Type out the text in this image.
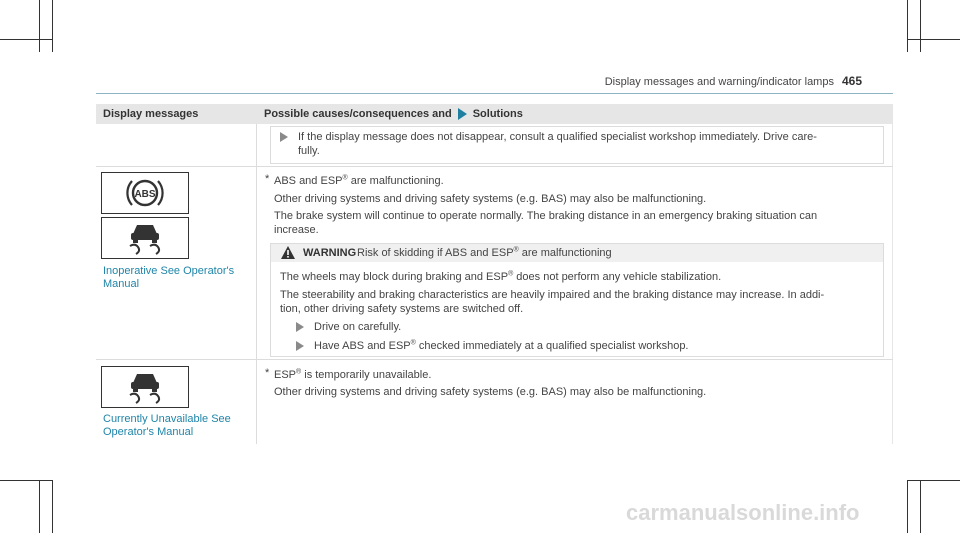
Display messages and warning/indicator lamps 465
Display messages	Possible causes/consequences and Solutions
If the display message does not disappear, consult a qualified specialist workshop immediately. Drive care-
fully.
ABS
Inoperative See Operator's
Manual
* ABS and ESP® are malfunctioning.
Other driving systems and driving safety systems (e.g. BAS) may also be malfunctioning.
The brake system will continue to operate normally. The braking distance in an emergency braking situation can
increase.
WARNING Risk of skidding if ABS and ESP® are malfunctioning
The wheels may block during braking and ESP® does not perform any vehicle stabilization.
The steerability and braking characteristics are heavily impaired and the braking distance may increase. In addi-
tion, other driving safety systems are switched off.
Drive on carefully.
Have ABS and ESP® checked immediately at a qualified specialist workshop.
Currently Unavailable See
Operator's Manual
* ESP® is temporarily unavailable.
Other driving systems and driving safety systems (e.g. BAS) may also be malfunctioning.
carmanualsonline.info
